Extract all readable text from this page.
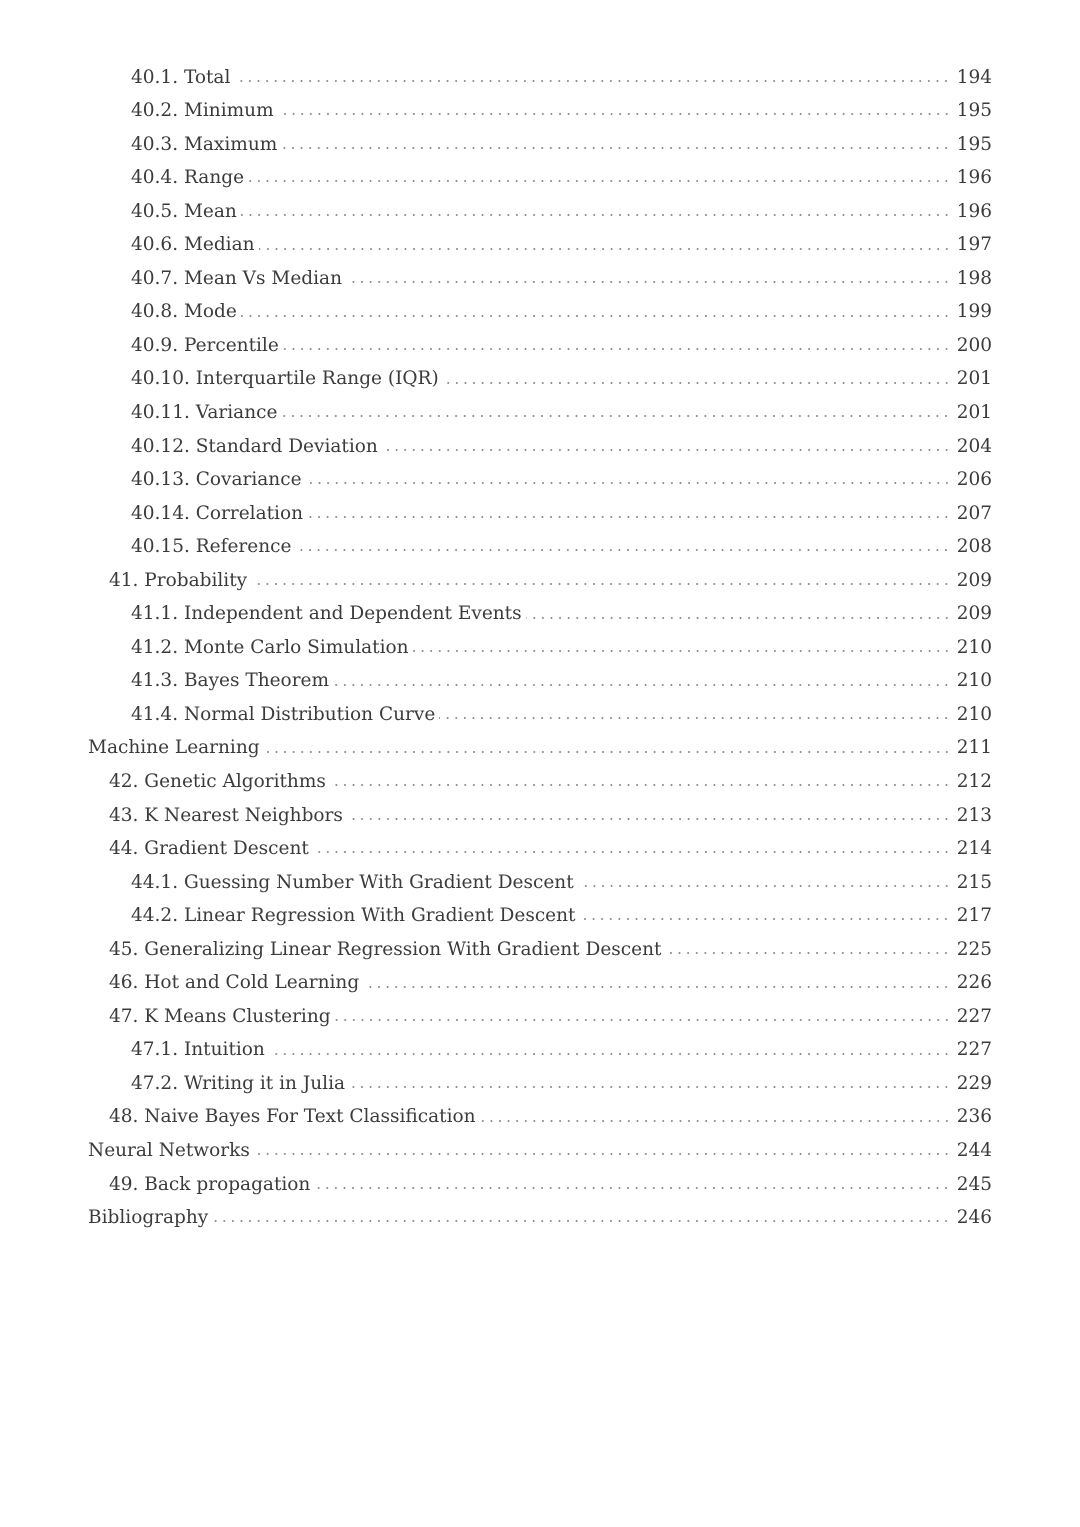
40.1. Total	194
40.2. Minimum	195
40.3. Maximum	195
40.4. Range	196
40.5. Mean	196
40.6. Median	197
40.7. Mean Vs Median	198
40.8. Mode	199
40.9. Percentile	200
40.10. Interquartile Range (IQR)	201
40.11. Variance	201
40.12. Standard Deviation	204
40.13. Covariance	206
40.14. Correlation	207
40.15. Reference	208
41. Probability	209
41.1. Independent and Dependent Events	209
41.2. Monte Carlo Simulation	210
41.3. Bayes Theorem	210
41.4. Normal Distribution Curve	210
Machine Learning	211
42. Genetic Algorithms	212
43. K Nearest Neighbors	213
44. Gradient Descent	214
44.1. Guessing Number With Gradient Descent	215
44.2. Linear Regression With Gradient Descent	217
45. Generalizing Linear Regression With Gradient Descent	225
46. Hot and Cold Learning	226
47. K Means Clustering	227
47.1. Intuition	227
47.2. Writing it in Julia	229
48. Naive Bayes For Text Classification	236
Neural Networks	244
49. Back propagation	245
Bibliography	246
